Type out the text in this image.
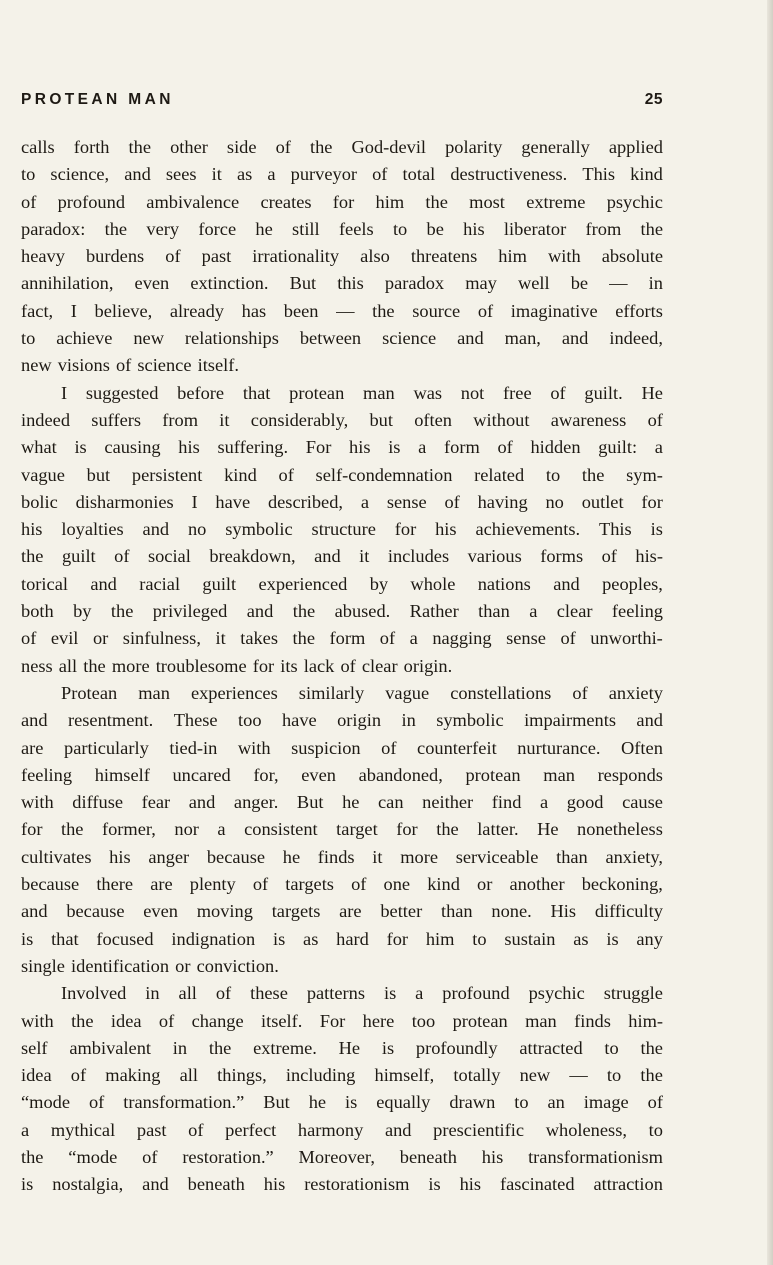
PROTEAN MAN	25
calls forth the other side of the God-devil polarity generally applied
to science, and sees it as a purveyor of total destructiveness. This kind
of profound ambivalence creates for him the most extreme psychic
paradox: the very force he still feels to be his liberator from the
heavy burdens of past irrationality also threatens him with absolute
annihilation, even extinction. But this paradox may well be — in
fact, I believe, already has been — the source of imaginative efforts
to achieve new relationships between science and man, and indeed,
new visions of science itself.
I suggested before that protean man was not free of guilt. He
indeed suffers from it considerably, but often without awareness of
what is causing his suffering. For his is a form of hidden guilt: a
vague but persistent kind of self-condemnation related to the sym-
bolic disharmonies I have described, a sense of having no outlet for
his loyalties and no symbolic structure for his achievements. This is
the guilt of social breakdown, and it includes various forms of his-
torical and racial guilt experienced by whole nations and peoples,
both by the privileged and the abused. Rather than a clear feeling
of evil or sinfulness, it takes the form of a nagging sense of unworthi-
ness all the more troublesome for its lack of clear origin.
Protean man experiences similarly vague constellations of anxiety
and resentment. These too have origin in symbolic impairments and
are particularly tied-in with suspicion of counterfeit nurturance. Often
feeling himself uncared for, even abandoned, protean man responds
with diffuse fear and anger. But he can neither find a good cause
for the former, nor a consistent target for the latter. He nonetheless
cultivates his anger because he finds it more serviceable than anxiety,
because there are plenty of targets of one kind or another beckoning,
and because even moving targets are better than none. His difficulty
is that focused indignation is as hard for him to sustain as is any
single identification or conviction.
Involved in all of these patterns is a profound psychic struggle
with the idea of change itself. For here too protean man finds him-
self ambivalent in the extreme. He is profoundly attracted to the
idea of making all things, including himself, totally new — to the
“mode of transformation.” But he is equally drawn to an image of
a mythical past of perfect harmony and prescientific wholeness, to
the “mode of restoration.” Moreover, beneath his transformationism
is nostalgia, and beneath his restorationism is his fascinated attraction
